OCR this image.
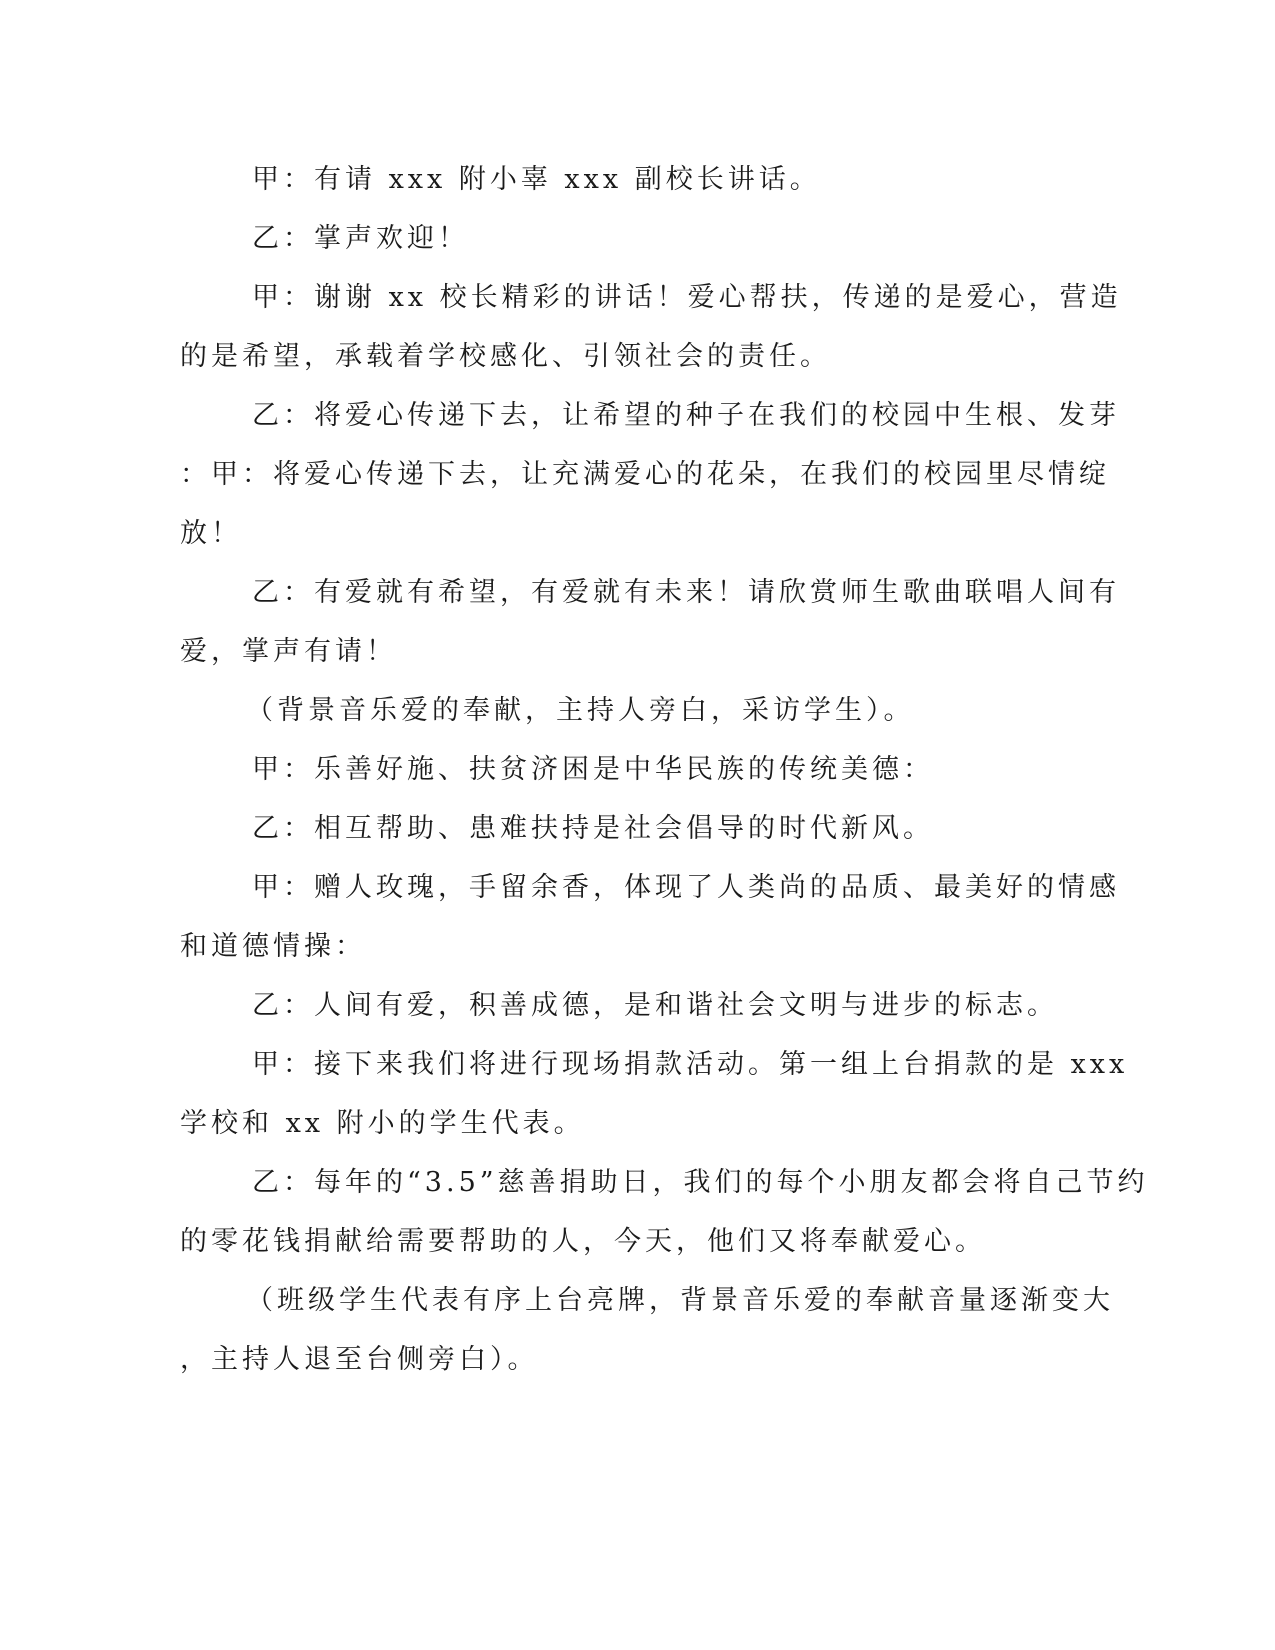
甲：有请 xxx 附小辜 xxx 副校长讲话。
乙：掌声欢迎！
甲：谢谢 xx 校长精彩的讲话！爱心帮扶，传递的是爱心，营造
的是希望，承载着学校感化、引领社会的责任。
乙：将爱心传递下去，让希望的种子在我们的校园中生根、发芽
：甲：将爱心传递下去，让充满爱心的花朵，在我们的校园里尽情绽
放！
乙：有爱就有希望，有爱就有未来！请欣赏师生歌曲联唱人间有
爱，掌声有请！
（背景音乐爱的奉献，主持人旁白，采访学生）。
甲：乐善好施、扶贫济困是中华民族的传统美德：
乙：相互帮助、患难扶持是社会倡导的时代新风。
甲：赠人玫瑰，手留余香，体现了人类尚的品质、最美好的情感
和道德情操：
乙：人间有爱，积善成德，是和谐社会文明与进步的标志。
甲：接下来我们将进行现场捐款活动。第一组上台捐款的是 xxx
学校和 xx 附小的学生代表。
乙：每年的“3.5”慈善捐助日，我们的每个小朋友都会将自己节约
的零花钱捐献给需要帮助的人，今天，他们又将奉献爱心。
（班级学生代表有序上台亮牌，背景音乐爱的奉献音量逐渐变大
，主持人退至台侧旁白）。
